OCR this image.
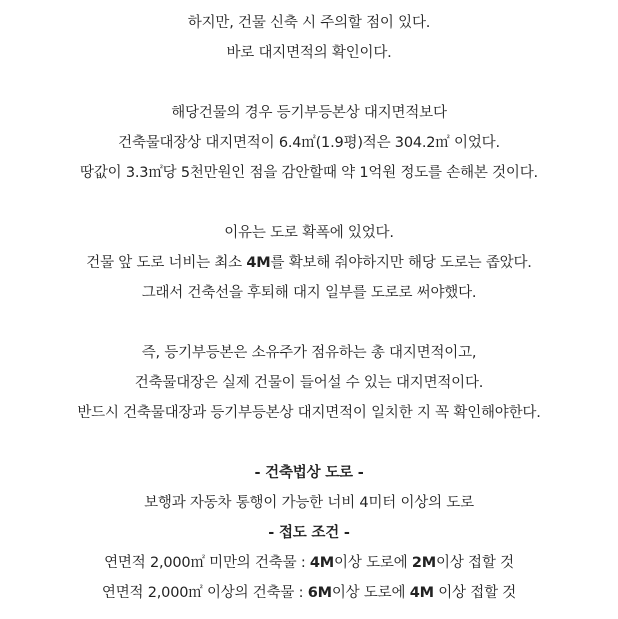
하지만, 건물 신축 시 주의할 점이 있다.
바로 대지면적의 확인이다.
해당건물의 경우 등기부등본상 대지면적보다
건축물대장상 대지면적이 6.4㎡(1.9평)적은 304.2㎡ 이었다.
땅값이 3.3㎡당 5천만원인 점을 감안할때 약 1억원 정도를 손해본 것이다.
이유는 도로 확폭에 있었다.
건물 앞 도로 너비는 최소 4M를 확보해 줘야하지만 해당 도로는 좁았다.
그래서 건축선을 후퇴해 대지 일부를 도로로 써야했다.
즉, 등기부등본은 소유주가 점유하는 총 대지면적이고,
건축물대장은 실제 건물이 들어설 수 있는 대지면적이다.
반드시 건축물대장과 등기부등본상 대지면적이 일치한 지 꼭 확인해야한다.
- 건축법상 도로 -
보행과 자동차 통행이 가능한 너비 4미터 이상의 도로
- 접도 조건 -
연면적 2,000㎡ 미만의 건축물 : 4M이상 도로에 2M이상 접할 것
연면적 2,000㎡ 이상의 건축물 : 6M이상 도로에 4M 이상 접할 것
